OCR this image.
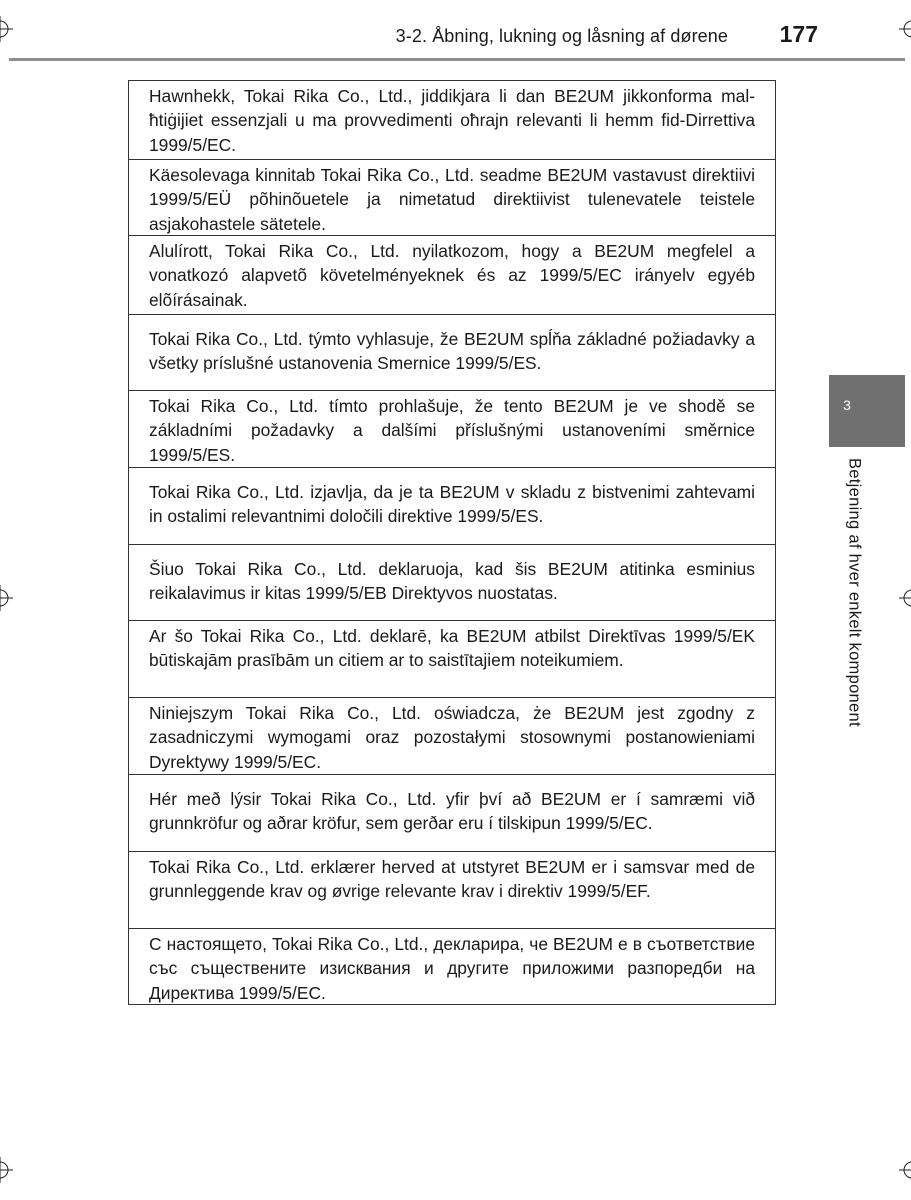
3-2. Åbning, lukning og låsning af dørene 177
3
Betjening af hver enkelt komponent
Hawnhekk, Tokai Rika Co., Ltd., jiddikjara li dan BE2UM jikkonforma mal-ħtiġijiet essenzjali u ma provvedimenti oħrajn relevanti li hemm fid-Dirrettiva 1999/5/EC.
Käesolevaga kinnitab Tokai Rika Co., Ltd. seadme BE2UM vastavust direktiivi 1999/5/EÜ põhinõuetele ja nimetatud direktiivist tulenevatele teistele asjakohastele sätetele.
Alulírott, Tokai Rika Co., Ltd. nyilatkozom, hogy a BE2UM megfelel a vonatkozó alapvetõ követelményeknek és az 1999/5/EC irányelv egyéb elõírásainak.
Tokai Rika Co., Ltd. týmto vyhlasuje, že BE2UM spĺňa základné požiadavky a všetky príslušné ustanovenia Smernice 1999/5/ES.
Tokai Rika Co., Ltd. tímto prohlašuje, že tento BE2UM je ve shodě se základními požadavky a dalšími příslušnými ustanoveními směrnice 1999/5/ES.
Tokai Rika Co., Ltd. izjavlja, da je ta BE2UM v skladu z bistvenimi zahtevami in ostalimi relevantnimi določili direktive 1999/5/ES.
Šiuo Tokai Rika Co., Ltd. deklaruoja, kad šis BE2UM atitinka esminius reikalavimus ir kitas 1999/5/EB Direktyvos nuostatas.
Ar šo Tokai Rika Co., Ltd. deklarē, ka BE2UM atbilst Direktīvas 1999/5/EK būtiskajām prasībām un citiem ar to saistītajiem noteikumiem.
Niniejszym Tokai Rika Co., Ltd. oświadcza, że BE2UM jest zgodny z zasadniczymi wymogami oraz pozostałymi stosownymi postanowieniami Dyrektywy 1999/5/EC.
Hér með lýsir Tokai Rika Co., Ltd. yfir því að BE2UM er í samræmi við grunnkröfur og aðrar kröfur, sem gerðar eru í tilskipun 1999/5/EC.
Tokai Rika Co., Ltd. erklærer herved at utstyret BE2UM er i samsvar med de grunnleggende krav og øvrige relevante krav i direktiv 1999/5/EF.
С настоящето, Tokai Rika Co., Ltd., декларира, че BE2UM е в съответствие със съществените изисквания и другите приложими разпоредби на Директива 1999/5/EC.
